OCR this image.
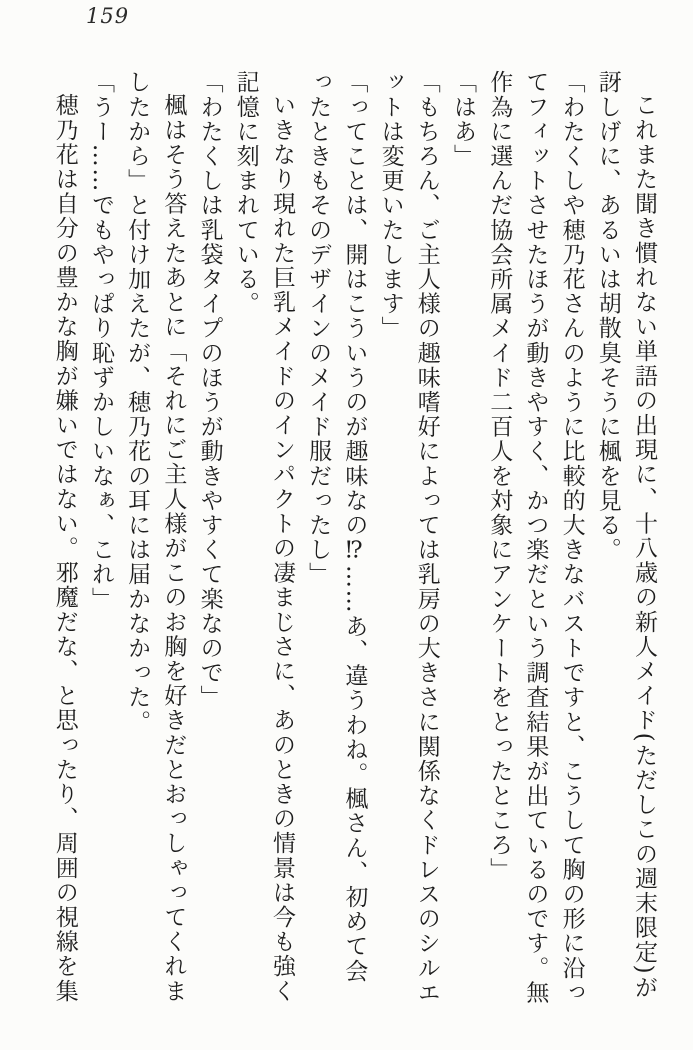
159

これまた聞き慣れない単語の出現に、十八歳の新人メイド(ただしこの週末限定)が訝しげに、あるいは胡散臭そうに楓を見る。

「わたくしや穂乃花さんのように比較的大きなバストですと、こうして胸の形に沿ってフィットさせたほうが動きやすく、かつ楽だという調査結果が出ているのです。無作為に選んだ協会所属メイド二百人を対象にアンケートをとったところ」

「はあ」

「もちろん、ご主人様の趣味嗜好によっては乳房の大きさに関係なくドレスのシルエットは変更いたします」

「ってことは、開はこういうのが趣味なの⁉……あ、違うわね。楓さん、初めて会ったときもそのデザインのメイド服だったし」

いきなり現れた巨乳メイドのインパクトの凄まじさに、あのときの情景は今も強く記憶に刻まれている。

「わたくしは乳袋タイプのほうが動きやすくて楽なので」

楓はそう答えたあとに「それにご主人様がこのお胸を好きだとおっしゃってくれましたから」と付け加えたが、穂乃花の耳には届かなかった。

「うー……でもやっぱり恥ずかしいなぁ、これ」

穂乃花は自分の豊かな胸が嫌いではない。邪魔だな、と思ったり、周囲の視線を集
